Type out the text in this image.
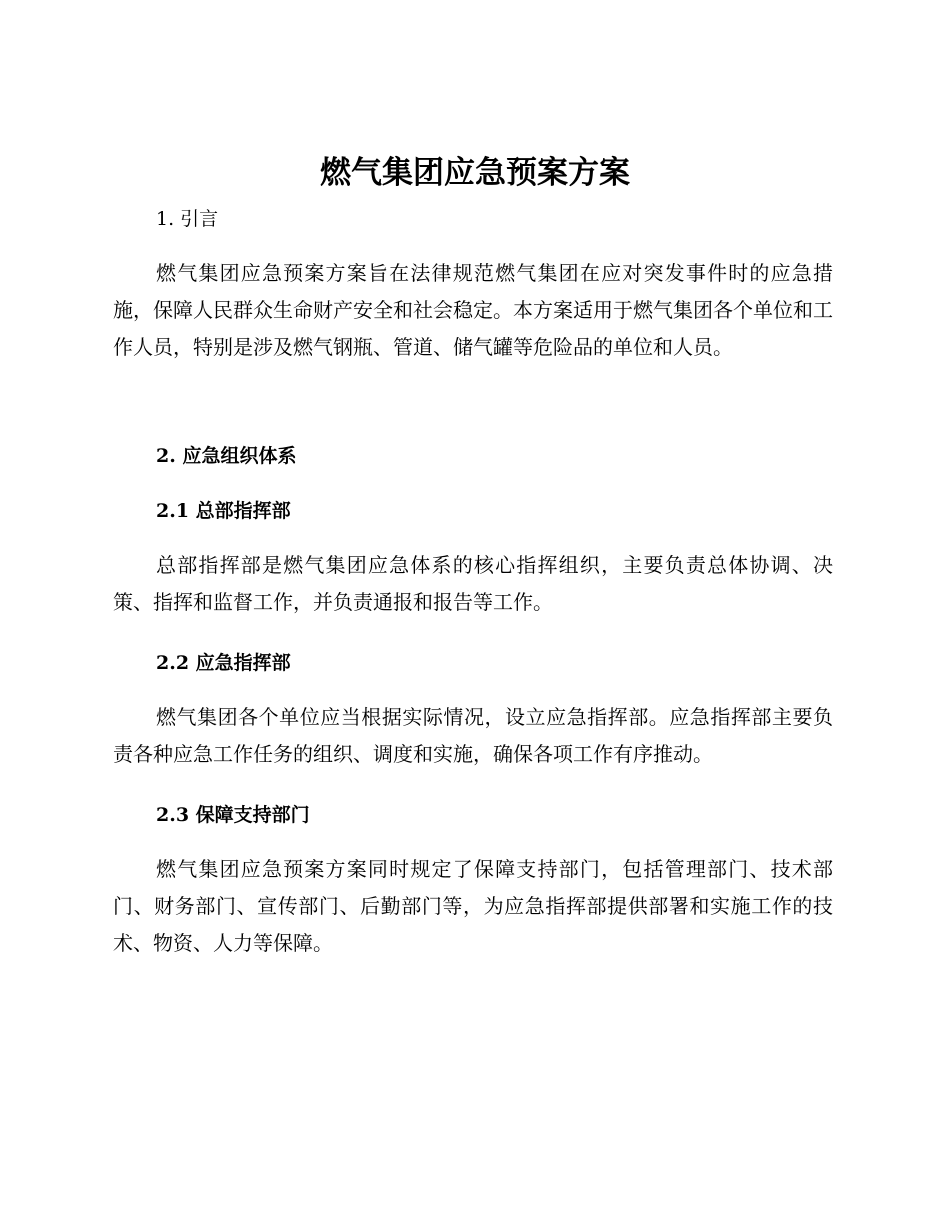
燃气集团应急预案方案
1. 引言

燃气集团应急预案方案旨在法律规范燃气集团在应对突发事件时的应急措施，保障人民群众生命财产安全和社会稳定。本方案适用于燃气集团各个单位和工作人员，特别是涉及燃气钢瓶、管道、储气罐等危险品的单位和人员。

2. 应急组织体系
2.1 总部指挥部

总部指挥部是燃气集团应急体系的核心指挥组织，主要负责总体协调、决策、指挥和监督工作，并负责通报和报告等工作。

2.2 应急指挥部

燃气集团各个单位应当根据实际情况，设立应急指挥部。应急指挥部主要负责各种应急工作任务的组织、调度和实施，确保各项工作有序推动。

2.3 保障支持部门

燃气集团应急预案方案同时规定了保障支持部门，包括管理部门、技术部门、财务部门、宣传部门、后勤部门等，为应急指挥部提供部署和实施工作的技术、物资、人力等保障。
